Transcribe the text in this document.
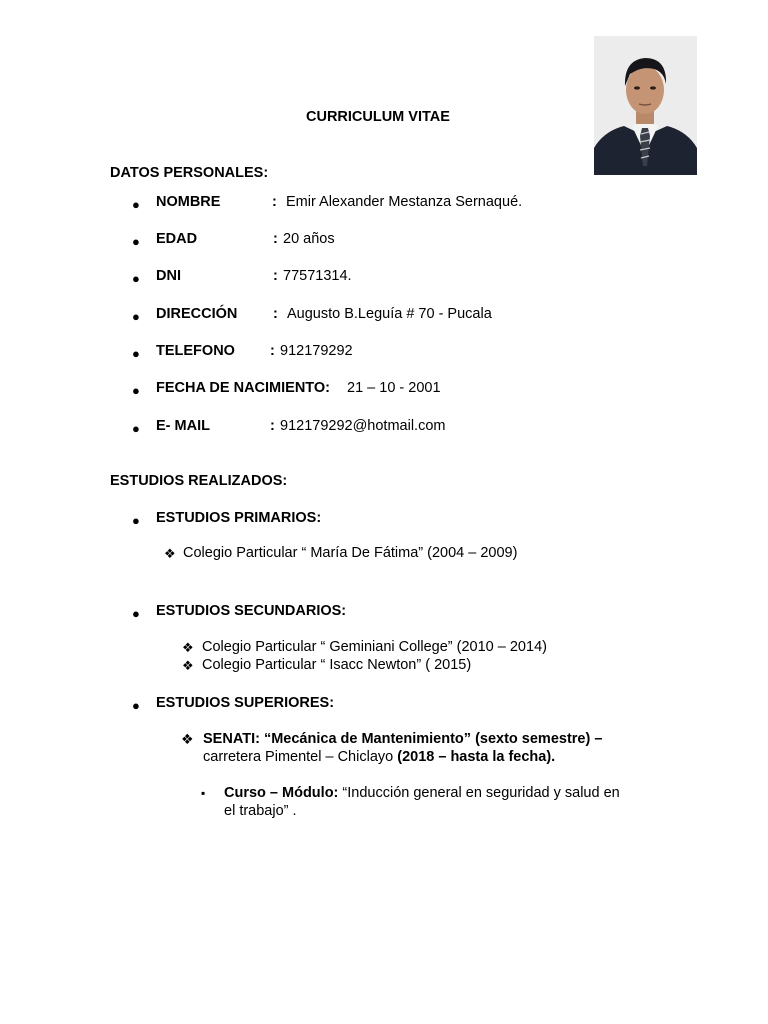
CURRICULUM VITAE
DATOS PERSONALES:
● NOMBRE	: Emir Alexander Mestanza Sernaqué.
● EDAD	: 20 años
● DNI	: 77571314.
● DIRECCIÓN : Augusto B.Leguía # 70 - Pucala
● TELEFONO : 912179292
● FECHA DE NACIMIENTO: 21 – 10 - 2001
● E- MAIL	: 912179292@hotmail.com
ESTUDIOS REALIZADOS:
● ESTUDIOS PRIMARIOS:
❖ Colegio Particular “ María De Fátima” (2004 – 2009)
● ESTUDIOS SECUNDARIOS:
❖ Colegio Particular “ Geminiani College” (2010 – 2014)
❖ Colegio Particular “ Isacc Newton” ( 2015)
● ESTUDIOS SUPERIORES:
❖ SENATI: “Mecánica de Mantenimiento” (sexto semestre) –
carretera Pimentel – Chiclayo (2018 – hasta la fecha).
▪ Curso – Módulo: “Inducción general en seguridad y salud en
el trabajo” .
